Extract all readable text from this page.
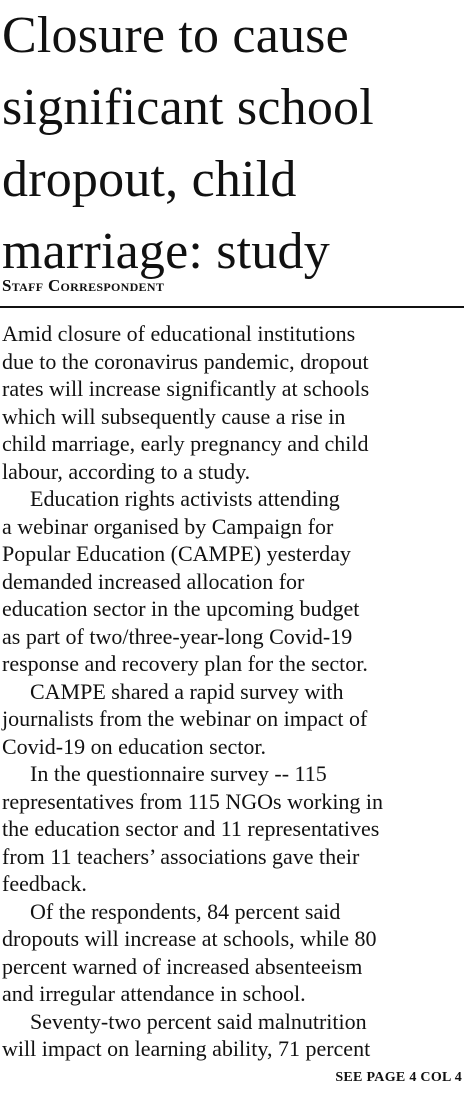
Closure to cause
significant school
dropout, child
marriage: study
Staff Correspondent
Amid closure of educational institutions
due to the coronavirus pandemic, dropout
rates will increase significantly at schools
which will subsequently cause a rise in
child marriage, early pregnancy and child
labour, according to a study.
Education rights activists attending
a webinar organised by Campaign for
Popular Education (CAMPE) yesterday
demanded increased allocation for
education sector in the upcoming budget
as part of two/three-year-long Covid-19
response and recovery plan for the sector.
CAMPE shared a rapid survey with
journalists from the webinar on impact of
Covid-19 on education sector.
In the questionnaire survey -- 115
representatives from 115 NGOs working in
the education sector and 11 representatives
from 11 teachers’ associations gave their
feedback.
Of the respondents, 84 percent said
dropouts will increase at schools, while 80
percent warned of increased absenteeism
and irregular attendance in school.
Seventy-two percent said malnutrition
will impact on learning ability, 71 percent
SEE PAGE 4 COL 4
